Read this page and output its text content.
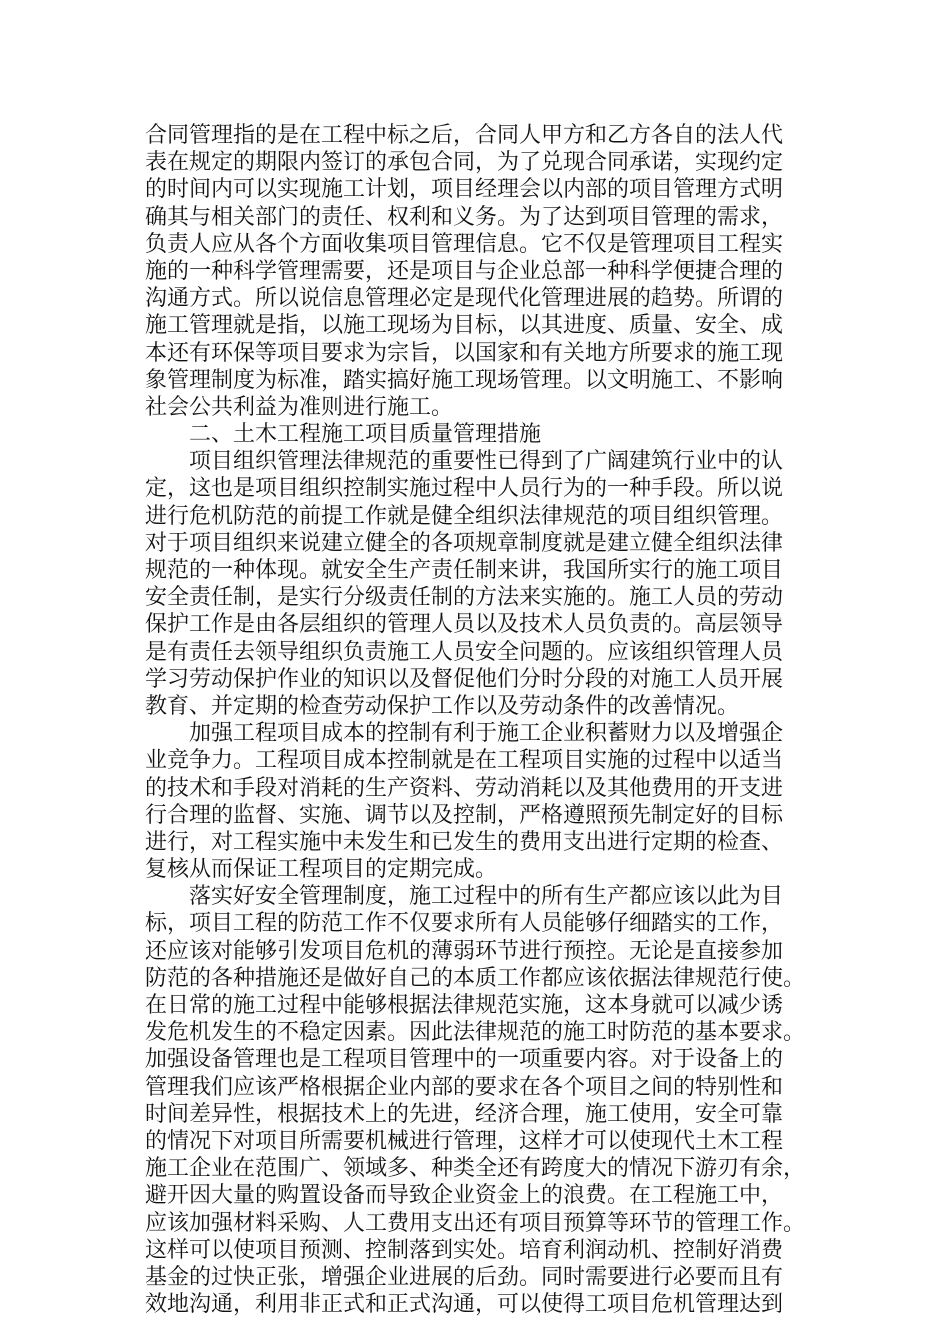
合同管理指的是在工程中标之后，合同人甲方和乙方各自的法人代
表在规定的期限内签订的承包合同，为了兑现合同承诺，实现约定
的时间内可以实现施工计划，项目经理会以内部的项目管理方式明
确其与相关部门的责任、权利和义务。为了达到项目管理的需求，
负责人应从各个方面收集项目管理信息。它不仅是管理项目工程实
施的一种科学管理需要，还是项目与企业总部一种科学便捷合理的
沟通方式。所以说信息管理必定是现代化管理进展的趋势。所谓的
施工管理就是指，以施工现场为目标，以其进度、质量、安全、成
本还有环保等项目要求为宗旨，以国家和有关地方所要求的施工现
象管理制度为标准，踏实搞好施工现场管理。以文明施工、不影响
社会公共利益为准则进行施工。
二、土木工程施工项目质量管理措施
项目组织管理法律规范的重要性已得到了广阔建筑行业中的认
定，这也是项目组织控制实施过程中人员行为的一种手段。所以说
进行危机防范的前提工作就是健全组织法律规范的项目组织管理。
对于项目组织来说建立健全的各项规章制度就是建立健全组织法律
规范的一种体现。就安全生产责任制来讲，我国所实行的施工项目
安全责任制，是实行分级责任制的方法来实施的。施工人员的劳动
保护工作是由各层组织的管理人员以及技术人员负责的。高层领导
是有责任去领导组织负责施工人员安全问题的。应该组织管理人员
学习劳动保护作业的知识以及督促他们分时分段的对施工人员开展
教育、并定期的检查劳动保护工作以及劳动条件的改善情况。
加强工程项目成本的控制有利于施工企业积蓄财力以及增强企
业竞争力。工程项目成本控制就是在工程项目实施的过程中以适当
的技术和手段对消耗的生产资料、劳动消耗以及其他费用的开支进
行合理的监督、实施、调节以及控制，严格遵照预先制定好的目标
进行，对工程实施中未发生和已发生的费用支出进行定期的检查、
复核从而保证工程项目的定期完成。
落实好安全管理制度，施工过程中的所有生产都应该以此为目
标，项目工程的防范工作不仅要求所有人员能够仔细踏实的工作，
还应该对能够引发项目危机的薄弱环节进行预控。无论是直接参加
防范的各种措施还是做好自己的本质工作都应该依据法律规范行使。
在日常的施工过程中能够根据法律规范实施，这本身就可以减少诱
发危机发生的不稳定因素。因此法律规范的施工时防范的基本要求。
加强设备管理也是工程项目管理中的一项重要内容。对于设备上的
管理我们应该严格根据企业内部的要求在各个项目之间的特别性和
时间差异性，根据技术上的先进，经济合理，施工使用，安全可靠
的情况下对项目所需要机械进行管理，这样才可以使现代土木工程
施工企业在范围广、领域多、种类全还有跨度大的情况下游刃有余，
避开因大量的购置设备而导致企业资金上的浪费。在工程施工中，
应该加强材料采购、人工费用支出还有项目预算等环节的管理工作。
这样可以使项目预测、控制落到实处。培育利润动机、控制好消费
基金的过快正张，增强企业进展的后劲。同时需要进行必要而且有
效地沟通，利用非正式和正式沟通，可以使得工项目危机管理达到
